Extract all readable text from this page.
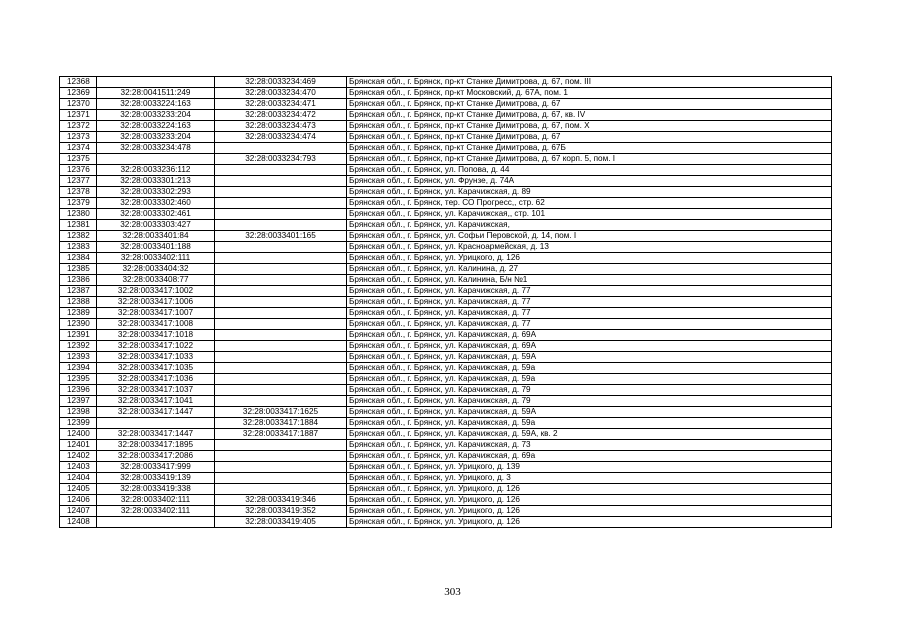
12368		32:28:0033234:469	Брянская обл., г. Брянск, пр-кт Станке Димитрова, д. 67, пом. III
12369	32:28:0041511:249	32:28:0033234:470	Брянская обл., г. Брянск, пр-кт Московский, д. 67А, пом. 1
12370	32:28:0033224:163	32:28:0033234:471	Брянская обл., г. Брянск, пр-кт Станке Димитрова, д. 67
12371	32:28:0033233:204	32:28:0033234:472	Брянская обл., г. Брянск, пр-кт Станке Димитрова, д. 67, кв. IV
12372	32:28:0033224:163	32:28:0033234:473	Брянская обл., г. Брянск, пр-кт Станке Димитрова, д. 67, пом. X
12373	32:28:0033233:204	32:28:0033234:474	Брянская обл., г. Брянск, пр-кт Станке Димитрова, д. 67
12374	32:28:0033234:478		Брянская обл., г. Брянск, пр-кт Станке Димитрова, д. 67Б
12375		32:28:0033234:793	Брянская обл., г. Брянск, пр-кт Станке Димитрова, д. 67 корп. 5, пом. I
12376	32:28:0033236:112		Брянская обл., г. Брянск, ул. Попова, д. 44
12377	32:28:0033301:213		Брянская обл., г. Брянск, ул. Фрунзе, д. 74А
12378	32:28:0033302:293		Брянская обл., г. Брянск, ул. Карачижская, д. 89
12379	32:28:0033302:460		Брянская обл., г. Брянск, тер. СО Прогресс,, стр. 62
12380	32:28:0033302:461		Брянская обл., г. Брянск, ул. Карачижская,, стр. 101
12381	32:28:0033303:427		Брянская обл., г. Брянск, ул. Карачижская,
12382	32:28:0033401:84	32:28:0033401:165	Брянская обл., г. Брянск, ул. Софьи Перовской, д. 14, пом. I
12383	32:28:0033401:188		Брянская обл., г. Брянск, ул. Красноармейская, д. 13
12384	32:28:0033402:111		Брянская обл., г. Брянск, ул. Урицкого, д. 126
12385	32:28:0033404:32		Брянская обл., г. Брянск, ул. Калинина, д. 27
12386	32:28:0033408:77		Брянская обл., г. Брянск, ул. Калинина, Б/н №1
12387	32:28:0033417:1002		Брянская обл., г. Брянск, ул. Карачижская, д. 77
12388	32:28:0033417:1006		Брянская обл., г. Брянск, ул. Карачижская, д. 77
12389	32:28:0033417:1007		Брянская обл., г. Брянск, ул. Карачижская, д. 77
12390	32:28:0033417:1008		Брянская обл., г. Брянск, ул. Карачижская, д. 77
12391	32:28:0033417:1018		Брянская обл., г. Брянск, ул. Карачижская, д. 69А
12392	32:28:0033417:1022		Брянская обл., г. Брянск, ул. Карачижская, д. 69А
12393	32:28:0033417:1033		Брянская обл., г. Брянск, ул. Карачижская, д. 59А
12394	32:28:0033417:1035		Брянская обл., г. Брянск, ул. Карачижская, д. 59а
12395	32:28:0033417:1036		Брянская обл., г. Брянск, ул. Карачижская, д. 59а
12396	32:28:0033417:1037		Брянская обл., г. Брянск, ул. Карачижская, д. 79
12397	32:28:0033417:1041		Брянская обл., г. Брянск, ул. Карачижская, д. 79
12398	32:28:0033417:1447	32:28:0033417:1625	Брянская обл., г. Брянск, ул. Карачижская, д. 59А
12399		32:28:0033417:1884	Брянская обл., г. Брянск, ул. Карачижская, д. 59а
12400	32:28:0033417:1447	32:28:0033417:1887	Брянская обл., г. Брянск, ул. Карачижская, д. 59А, кв. 2
12401	32:28:0033417:1895		Брянская обл., г. Брянск, ул. Карачижская, д. 73
12402	32:28:0033417:2086		Брянская обл., г. Брянск, ул. Карачижская, д. 69а
12403	32:28:0033417:999		Брянская обл., г. Брянск, ул. Урицкого, д. 139
12404	32:28:0033419:139		Брянская обл., г. Брянск, ул. Урицкого, д. 3
12405	32:28:0033419:338		Брянская обл., г. Брянск, ул. Урицкого, д. 126
12406	32:28:0033402:111	32:28:0033419:346	Брянская обл., г. Брянск, ул. Урицкого, д. 126
12407	32:28:0033402:111	32:28:0033419:352	Брянская обл., г. Брянск, ул. Урицкого, д. 126
12408		32:28:0033419:405	Брянская обл., г. Брянск, ул. Урицкого, д. 126
303
